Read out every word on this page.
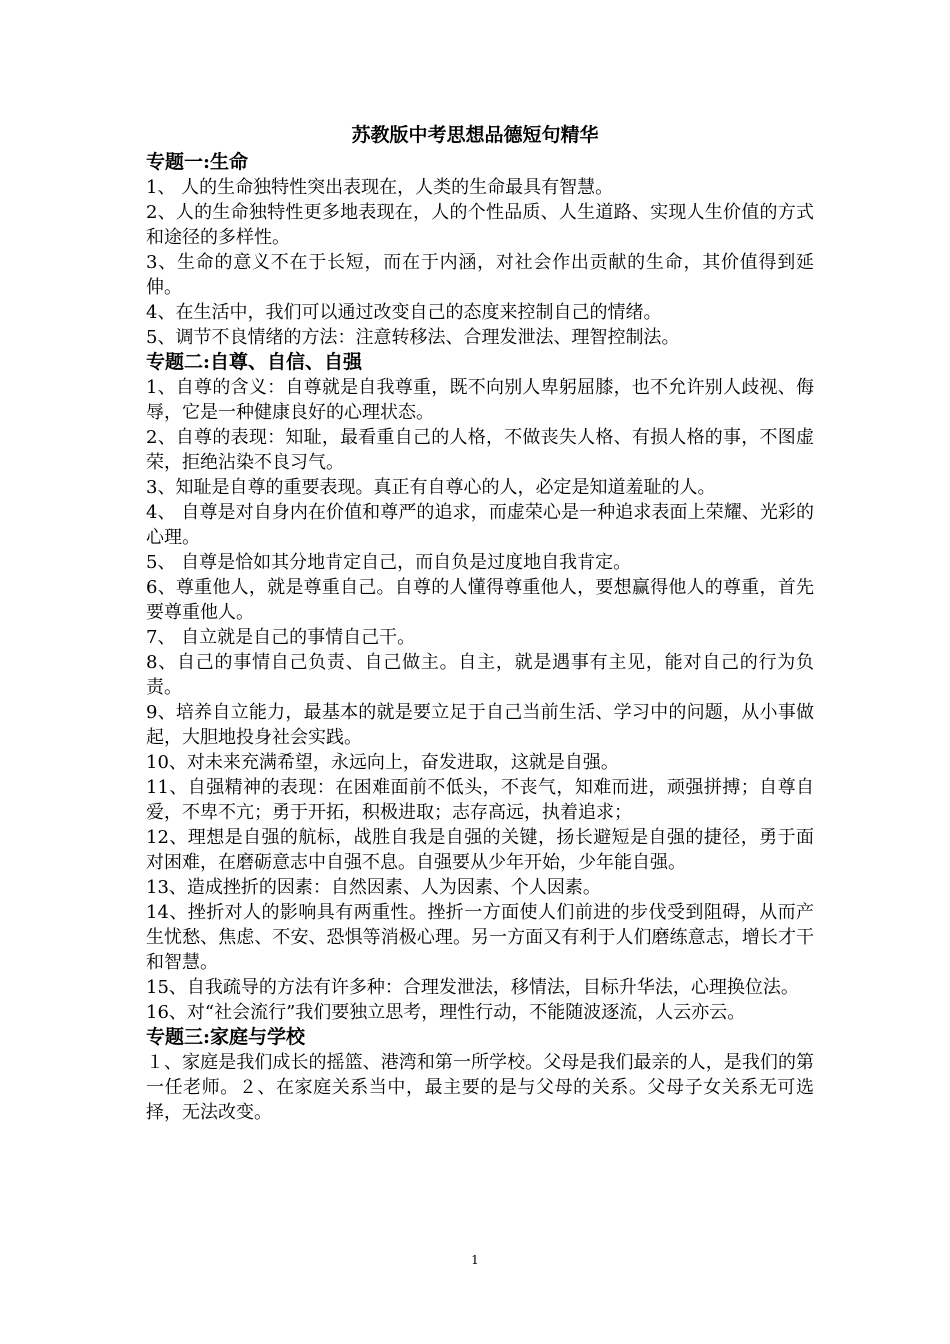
苏教版中考思想品德短句精华

专题一:生命

1、 人的生命独特性突出表现在，人类的生命最具有智慧。

2、人的生命独特性更多地表现在，人的个性品质、人生道路、实现人生价值的方式和途径的多样性。

3、生命的意义不在于长短，而在于内涵，对社会作出贡献的生命，其价值得到延伸。

4、在生活中，我们可以通过改变自己的态度来控制自己的情绪。

5、调节不良情绪的方法：注意转移法、合理发泄法、理智控制法。

专题二:自尊、自信、自强

1、自尊的含义：自尊就是自我尊重，既不向别人卑躬屈膝，也不允许别人歧视、侮辱，它是一种健康良好的心理状态。

2、自尊的表现：知耻，最看重自己的人格，不做丧失人格、有损人格的事，不图虚荣，拒绝沾染不良习气。

3、知耻是自尊的重要表现。真正有自尊心的人，必定是知道羞耻的人。

4、 自尊是对自身内在价值和尊严的追求，而虚荣心是一种追求表面上荣耀、光彩的心理。

5、 自尊是恰如其分地肯定自己，而自负是过度地自我肯定。

6、尊重他人，就是尊重自己。自尊的人懂得尊重他人，要想赢得他人的尊重，首先要尊重他人。

7、 自立就是自己的事情自己干。

8、自己的事情自己负责、自己做主。自主，就是遇事有主见，能对自己的行为负责。

9、培养自立能力，最基本的就是要立足于自己当前生活、学习中的问题，从小事做起，大胆地投身社会实践。

10、对未来充满希望，永远向上，奋发进取，这就是自强。

11、自强精神的表现：在困难面前不低头，不丧气，知难而进，顽强拼搏；自尊自爱，不卑不亢；勇于开拓，积极进取；志存高远，执着追求；

12、理想是自强的航标，战胜自我是自强的关键，扬长避短是自强的捷径，勇于面对困难，在磨砺意志中自强不息。自强要从少年开始，少年能自强。

13、造成挫折的因素：自然因素、人为因素、个人因素。

14、挫折对人的影响具有两重性。挫折一方面使人们前进的步伐受到阻碍，从而产生忧愁、焦虑、不安、恐惧等消极心理。另一方面又有利于人们磨练意志，增长才干和智慧。

15、自我疏导的方法有许多种：合理发泄法，移情法，目标升华法，心理换位法。

16、对“社会流行”我们要独立思考，理性行动，不能随波逐流，人云亦云。

专题三:家庭与学校

１、家庭是我们成长的摇篮、港湾和第一所学校。父母是我们最亲的人，是我们的第一任老师。２、在家庭关系当中，最主要的是与父母的关系。父母子女关系无可选择，无法改变。

1
